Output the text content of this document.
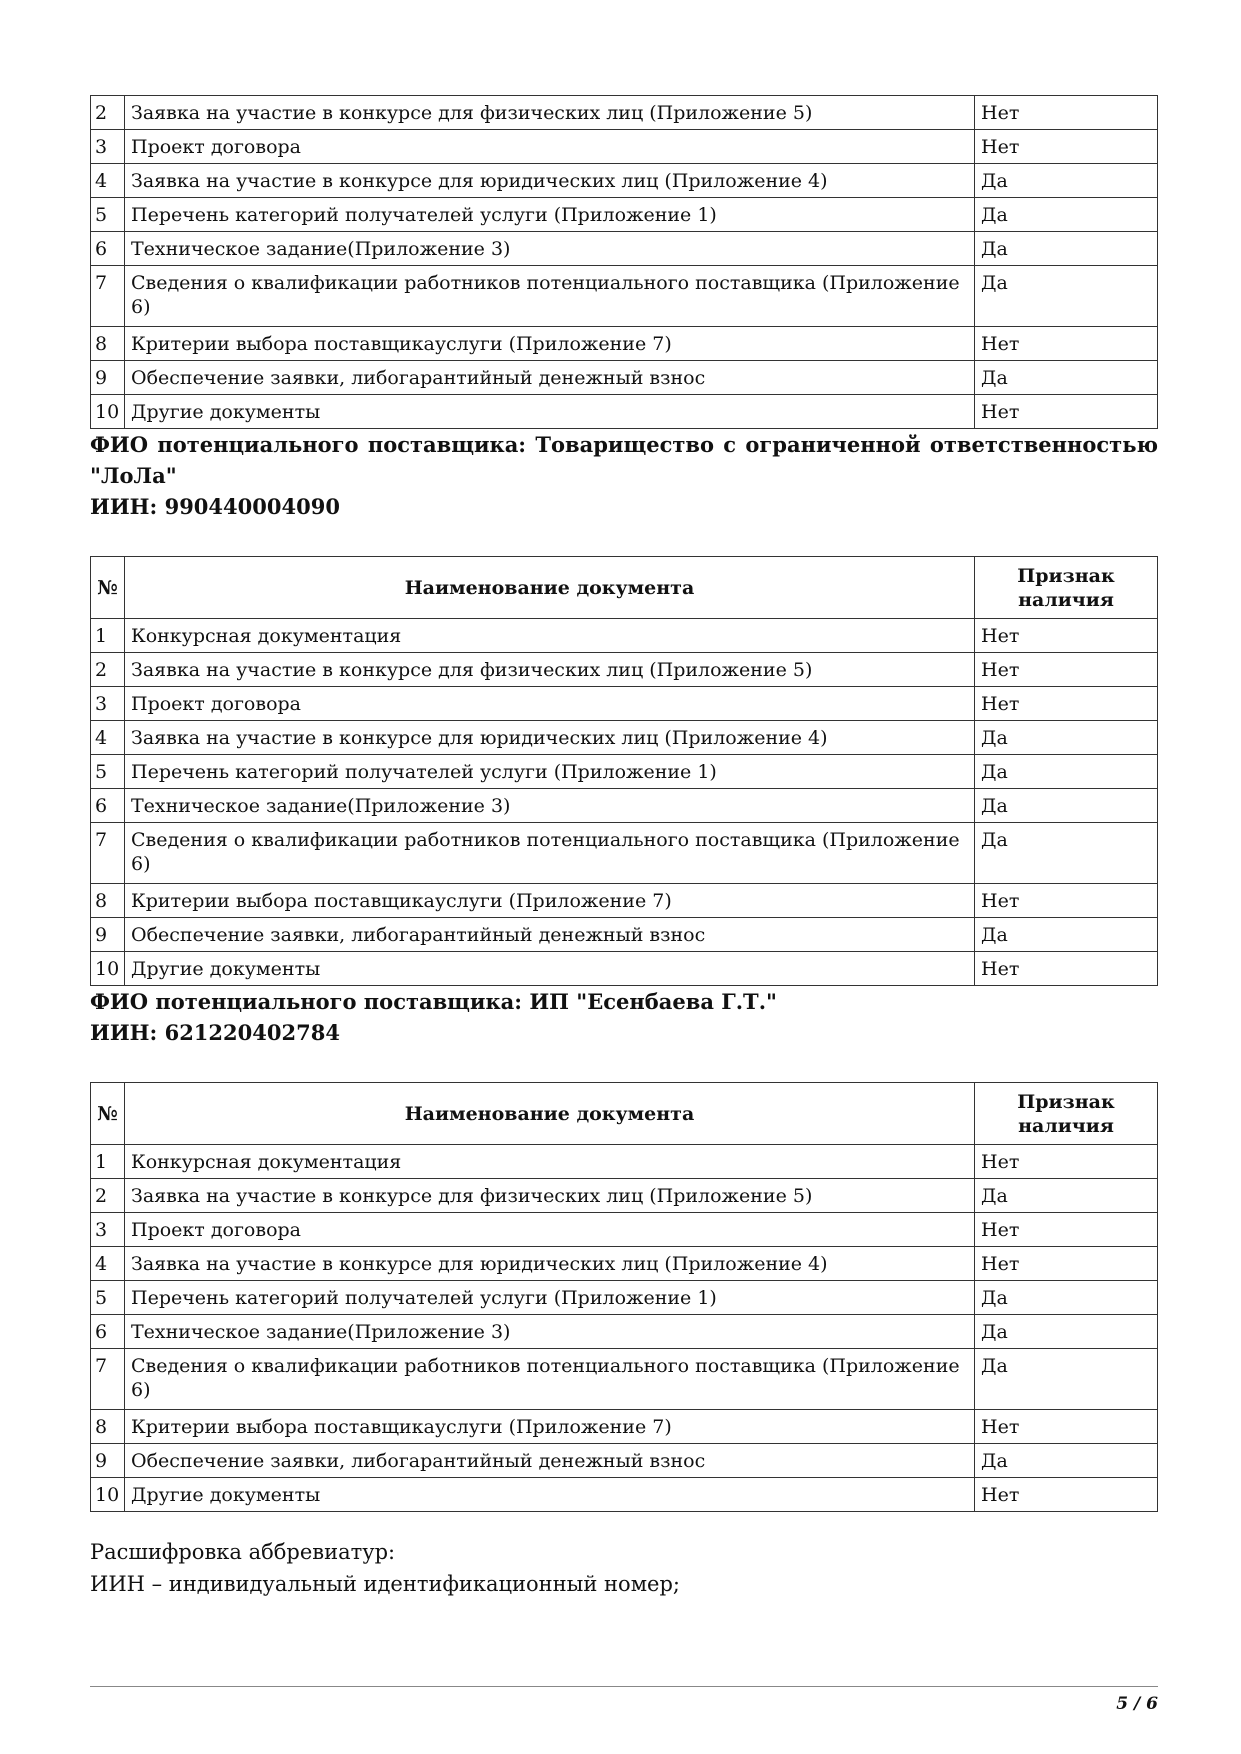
2	Заявка на участие в конкурсе для физических лиц (Приложение 5)	Нет
3	Проект договора	Нет
4	Заявка на участие в конкурсе для юридических лиц (Приложение 4)	Да
5	Перечень категорий получателей услуги (Приложение 1)	Да
6	Техническое задание(Приложение 3)	Да
7	Сведения о квалификации работников потенциального поставщика (Приложение 6)	Да
8	Критерии выбора поставщикауслуги (Приложение 7)	Нет
9	Обеспечение заявки, либогарантийный денежный взнос	Да
10	Другие документы	Нет
ФИО потенциального поставщика: Товарищество с ограниченной ответственностью "ЛоЛа"
ИИН: 990440004090
№	Наименование документа	Признак наличия
1	Конкурсная документация	Нет
2	Заявка на участие в конкурсе для физических лиц (Приложение 5)	Нет
3	Проект договора	Нет
4	Заявка на участие в конкурсе для юридических лиц (Приложение 4)	Да
5	Перечень категорий получателей услуги (Приложение 1)	Да
6	Техническое задание(Приложение 3)	Да
7	Сведения о квалификации работников потенциального поставщика (Приложение 6)	Да
8	Критерии выбора поставщикауслуги (Приложение 7)	Нет
9	Обеспечение заявки, либогарантийный денежный взнос	Да
10	Другие документы	Нет
ФИО потенциального поставщика: ИП "Есенбаева Г.Т."
ИИН: 621220402784
№	Наименование документа	Признак наличия
1	Конкурсная документация	Нет
2	Заявка на участие в конкурсе для физических лиц (Приложение 5)	Да
3	Проект договора	Нет
4	Заявка на участие в конкурсе для юридических лиц (Приложение 4)	Нет
5	Перечень категорий получателей услуги (Приложение 1)	Да
6	Техническое задание(Приложение 3)	Да
7	Сведения о квалификации работников потенциального поставщика (Приложение 6)	Да
8	Критерии выбора поставщикауслуги (Приложение 7)	Нет
9	Обеспечение заявки, либогарантийный денежный взнос	Да
10	Другие документы	Нет
Расшифровка аббревиатур:
ИИН – индивидуальный идентификационный номер;
5 / 6
